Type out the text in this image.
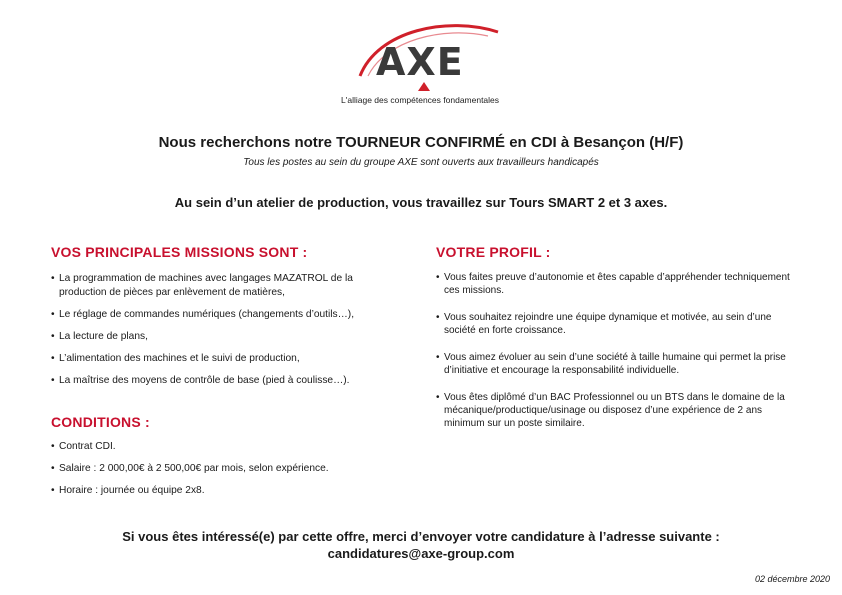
AXE
L'alliage des compétences fondamentales
Nous recherchons notre TOURNEUR CONFIRMÉ en CDI à Besançon (H/F)
Tous les postes au sein du groupe AXE sont ouverts aux travailleurs handicapés
Au sein d’un atelier de production, vous travaillez sur Tours SMART 2 et 3 axes.
VOS PRINCIPALES MISSIONS SONT :
• La programmation de machines avec langages MAZATROL de la production de pièces par enlèvement de matières,
• Le réglage de commandes numériques (changements d’outils…),
• La lecture de plans,
• L’alimentation des machines et le suivi de production,
• La maîtrise des moyens de contrôle de base (pied à coulisse…).
CONDITIONS :
• Contrat CDI.
• Salaire : 2 000,00€ à 2 500,00€ par mois, selon expérience.
• Horaire : journée ou équipe 2x8.
VOTRE PROFIL :
• Vous faites preuve d’autonomie et êtes capable d’appréhender techniquement ces missions.
• Vous souhaitez rejoindre une équipe dynamique et motivée, au sein d’une société en forte croissance.
• Vous aimez évoluer au sein d’une société à taille humaine qui permet la prise d’initiative et encourage la responsabilité individuelle.
• Vous êtes diplômé d’un BAC Professionnel ou un BTS dans le domaine de la mécanique/productique/usinage ou disposez d’une expérience de 2 ans minimum sur un poste similaire.
Si vous êtes intéressé(e) par cette offre, merci d’envoyer votre candidature à l’adresse suivante :
candidatures@axe-group.com
02 décembre 2020
